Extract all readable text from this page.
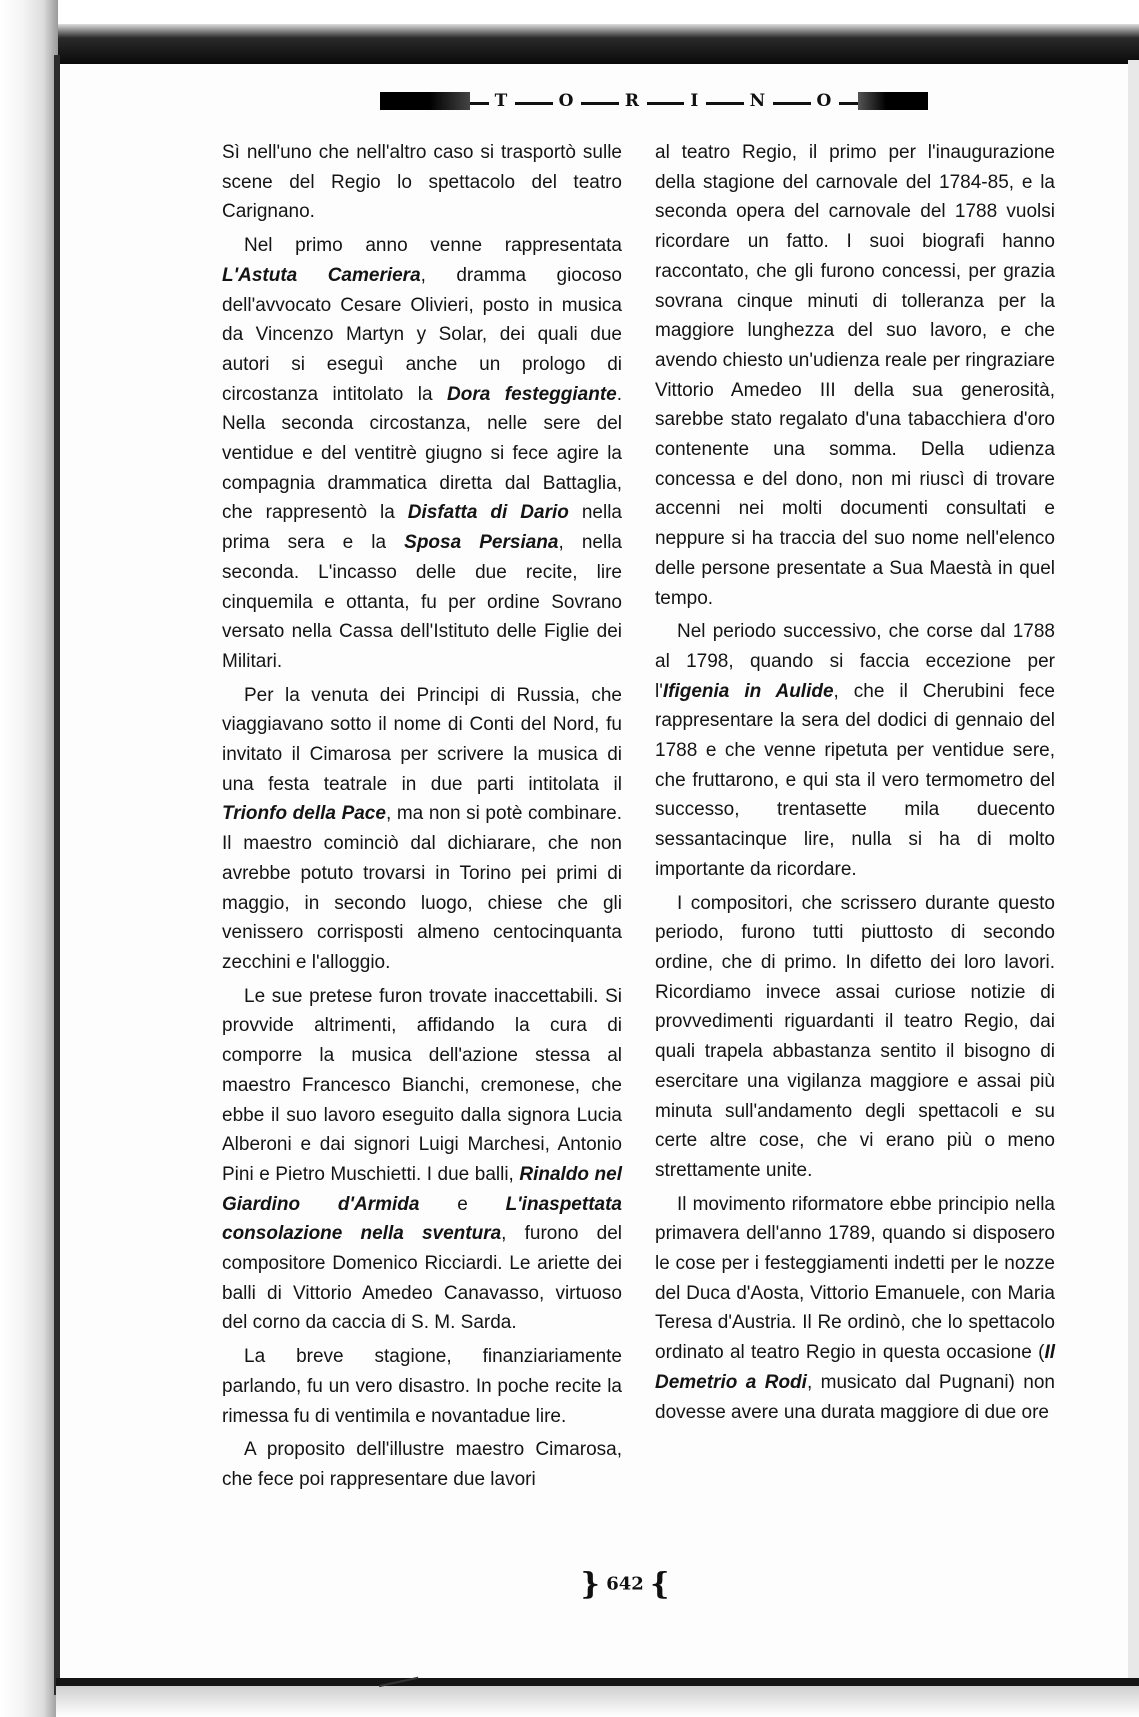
T	O	R	I	N	O

Sì nell'uno che nell'altro caso si trasportò sulle scene del Regio lo spettacolo del teatro Carignano.

Nel primo anno venne rappresentata L'Astuta Cameriera, dramma giocoso dell'avvocato Cesare Olivieri, posto in musica da Vincenzo Martyn y Solar, dei quali due autori si eseguì anche un prologo di circostanza intitolato la Dora festeggiante. Nella seconda circostanza, nelle sere del ventidue e del ventitrè giugno si fece agire la compagnia drammatica diretta dal Battaglia, che rappresentò la Disfatta di Dario nella prima sera e la Sposa Persiana, nella seconda. L'incasso delle due recite, lire cinquemila e ottanta, fu per ordine Sovrano versato nella Cassa dell'Istituto delle Figlie dei Militari.

Per la venuta dei Principi di Russia, che viaggiavano sotto il nome di Conti del Nord, fu invitato il Cimarosa per scrivere la musica di una festa teatrale in due parti intitolata il Trionfo della Pace, ma non si potè combinare. Il maestro cominciò dal dichiarare, che non avrebbe potuto trovarsi in Torino pei primi di maggio, in secondo luogo, chiese che gli venissero corrisposti almeno centocinquanta zecchini e l'alloggio.

Le sue pretese furon trovate inaccettabili. Si provvide altrimenti, affidando la cura di comporre la musica dell'azione stessa al maestro Francesco Bianchi, cremonese, che ebbe il suo lavoro eseguito dalla signora Lucia Alberoni e dai signori Luigi Marchesi, Antonio Pini e Pietro Muschietti. I due balli, Rinaldo nel Giardino d'Armida e L'inaspettata consolazione nella sventura, furono del compositore Domenico Ricciardi. Le ariette dei balli di Vittorio Amedeo Canavasso, virtuoso del corno da caccia di S. M. Sarda.

La breve stagione, finanziariamente parlando, fu un vero disastro. In poche recite la rimessa fu di ventimila e novantadue lire.

A proposito dell'illustre maestro Cimarosa, che fece poi rappresentare due lavori

al teatro Regio, il primo per l'inaugurazione della stagione del carnovale del 1784-85, e la seconda opera del carnovale del 1788 vuolsi ricordare un fatto. I suoi biografi hanno raccontato, che gli furono concessi, per grazia sovrana cinque minuti di tolleranza per la maggiore lunghezza del suo lavoro, e che avendo chiesto un'udienza reale per ringraziare Vittorio Amedeo III della sua generosità, sarebbe stato regalato d'una tabacchiera d'oro contenente una somma. Della udienza concessa e del dono, non mi riuscì di trovare accenni nei molti documenti consultati e neppure si ha traccia del suo nome nell'elenco delle persone presentate a Sua Maestà in quel tempo.

Nel periodo successivo, che corse dal 1788 al 1798, quando si faccia eccezione per l'Ifigenia in Aulide, che il Cherubini fece rappresentare la sera del dodici di gennaio del 1788 e che venne ripetuta per ventidue sere, che fruttarono, e qui sta il vero termometro del successo, trentasette mila duecento sessantacinque lire, nulla si ha di molto importante da ricordare.

I compositori, che scrissero durante questo periodo, furono tutti piuttosto di secondo ordine, che di primo. In difetto dei loro lavori. Ricordiamo invece assai curiose notizie di provvedimenti riguardanti il teatro Regio, dai quali trapela abbastanza sentito il bisogno di esercitare una vigilanza maggiore e assai più minuta sull'andamento degli spettacoli e su certe altre cose, che vi erano più o meno strettamente unite.

Il movimento riformatore ebbe principio nella primavera dell'anno 1789, quando si disposero le cose per i festeggiamenti indetti per le nozze del Duca d'Aosta, Vittorio Emanuele, con Maria Teresa d'Austria. Il Re ordinò, che lo spettacolo ordinato al teatro Regio in questa occasione (Il Demetrio a Rodi, musicato dal Pugnani) non dovesse avere una durata maggiore di due ore

} 642 {
